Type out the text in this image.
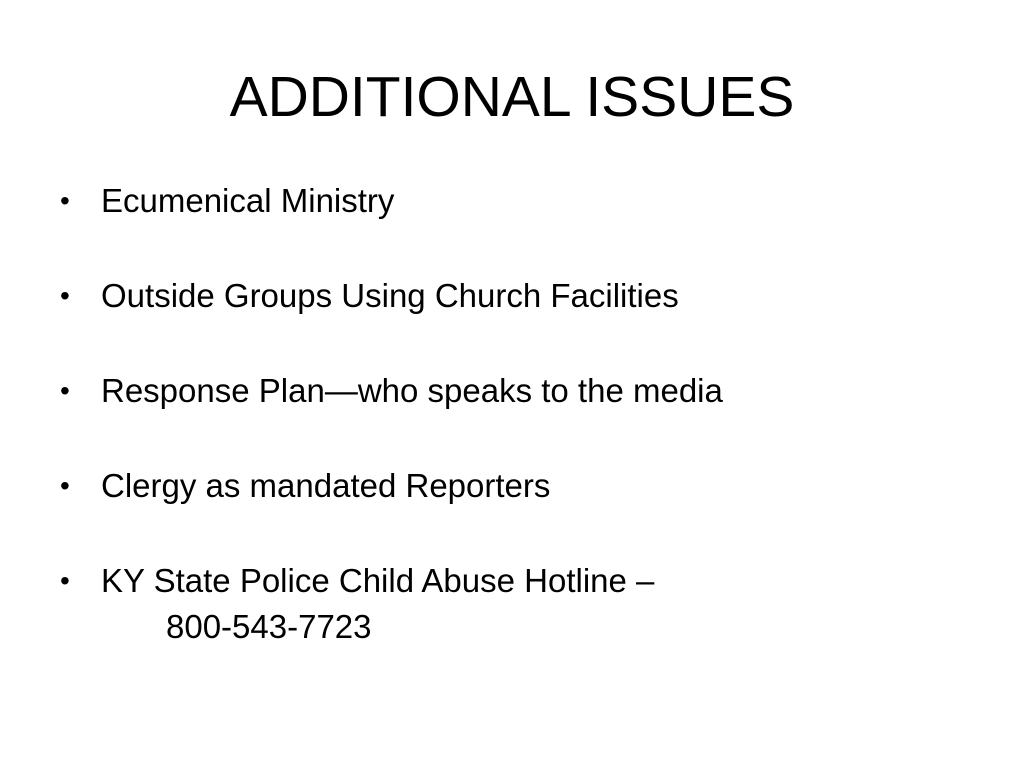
ADDITIONAL ISSUES
• Ecumenical Ministry
• Outside Groups Using Church Facilities
• Response Plan—who speaks to the media
• Clergy as mandated Reporters
• KY State Police Child Abuse Hotline –
800-543-7723
